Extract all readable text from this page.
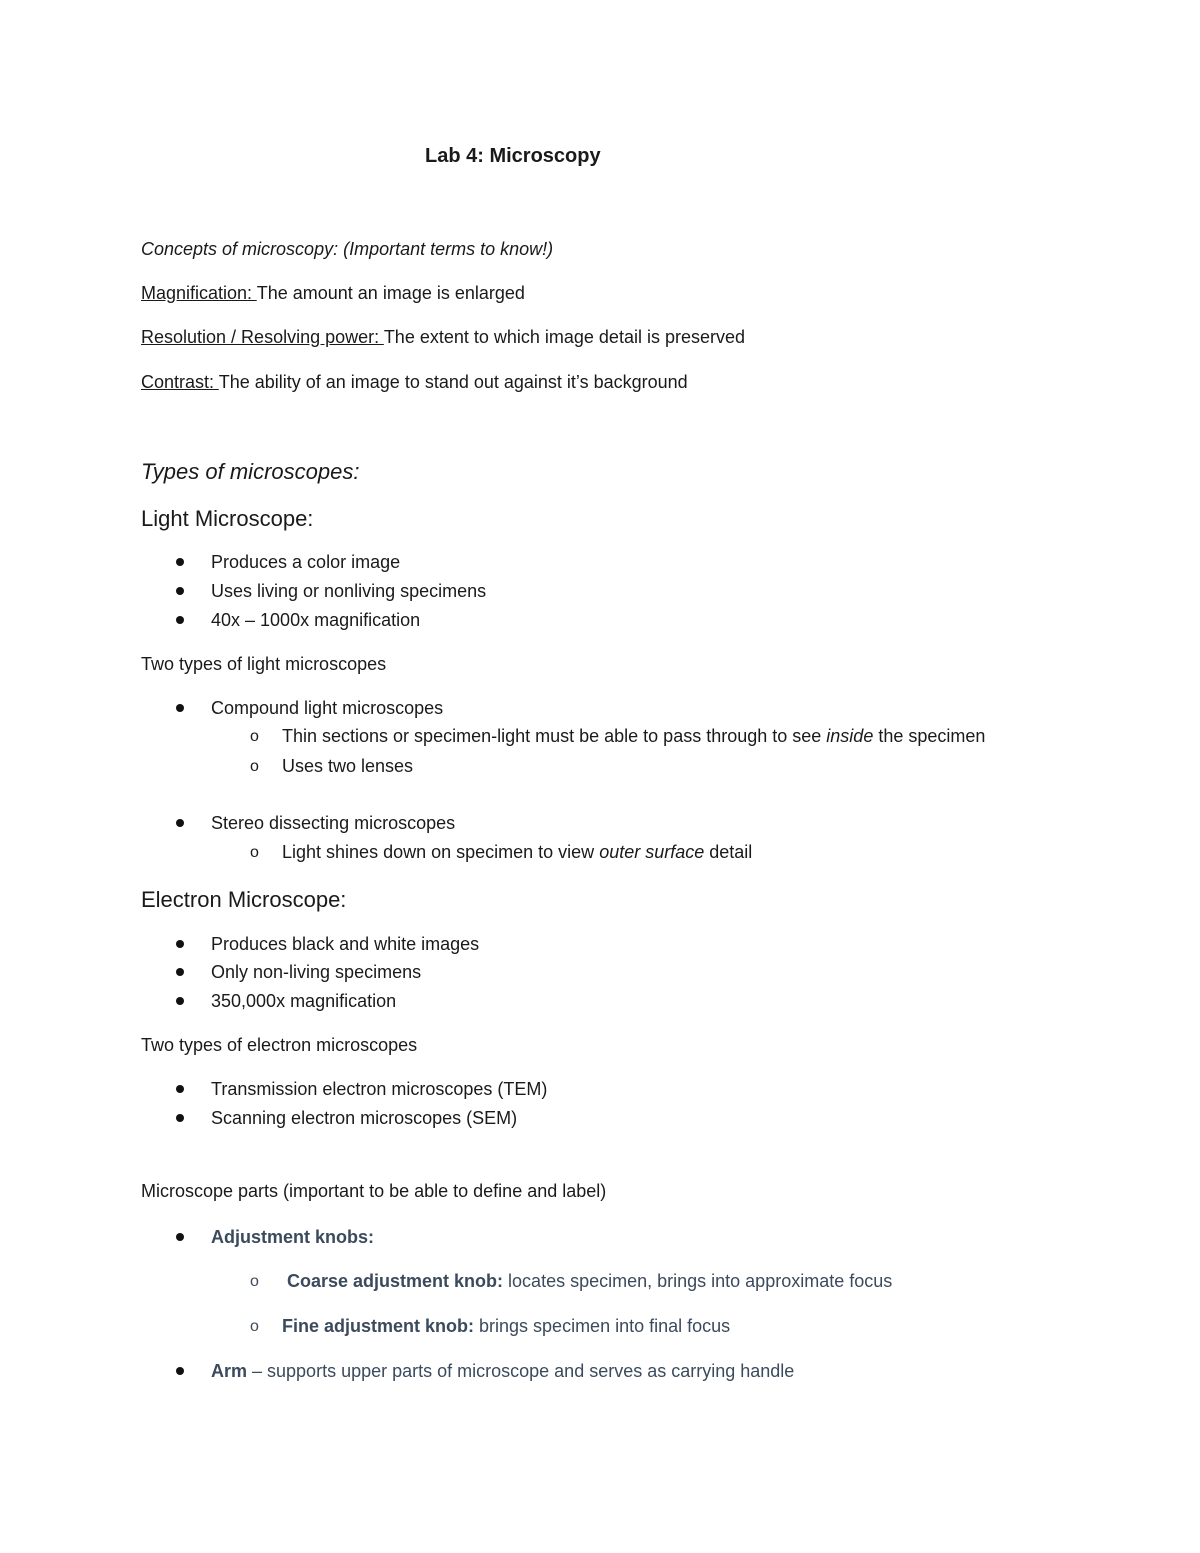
Lab 4: Microscopy
Concepts of microscopy: (Important terms to know!)
Magnification: The amount an image is enlarged
Resolution / Resolving power: The extent to which image detail is preserved
Contrast: The ability of an image to stand out against it’s background
Types of microscopes:
Light Microscope:
Produces a color image
Uses living or nonliving specimens
40x – 1000x magnification
Two types of light microscopes
Compound light microscopes
o Thin sections or specimen-light must be able to pass through to see inside the specimen
o Uses two lenses
Stereo dissecting microscopes
o Light shines down on specimen to view outer surface detail
Electron Microscope:
Produces black and white images
Only non-living specimens
350,000x magnification
Two types of electron microscopes
Transmission electron microscopes (TEM)
Scanning electron microscopes (SEM)
Microscope parts (important to be able to define and label)
Adjustment knobs:
o Coarse adjustment knob: locates specimen, brings into approximate focus
o Fine adjustment knob: brings specimen into final focus
Arm – supports upper parts of microscope and serves as carrying handle
